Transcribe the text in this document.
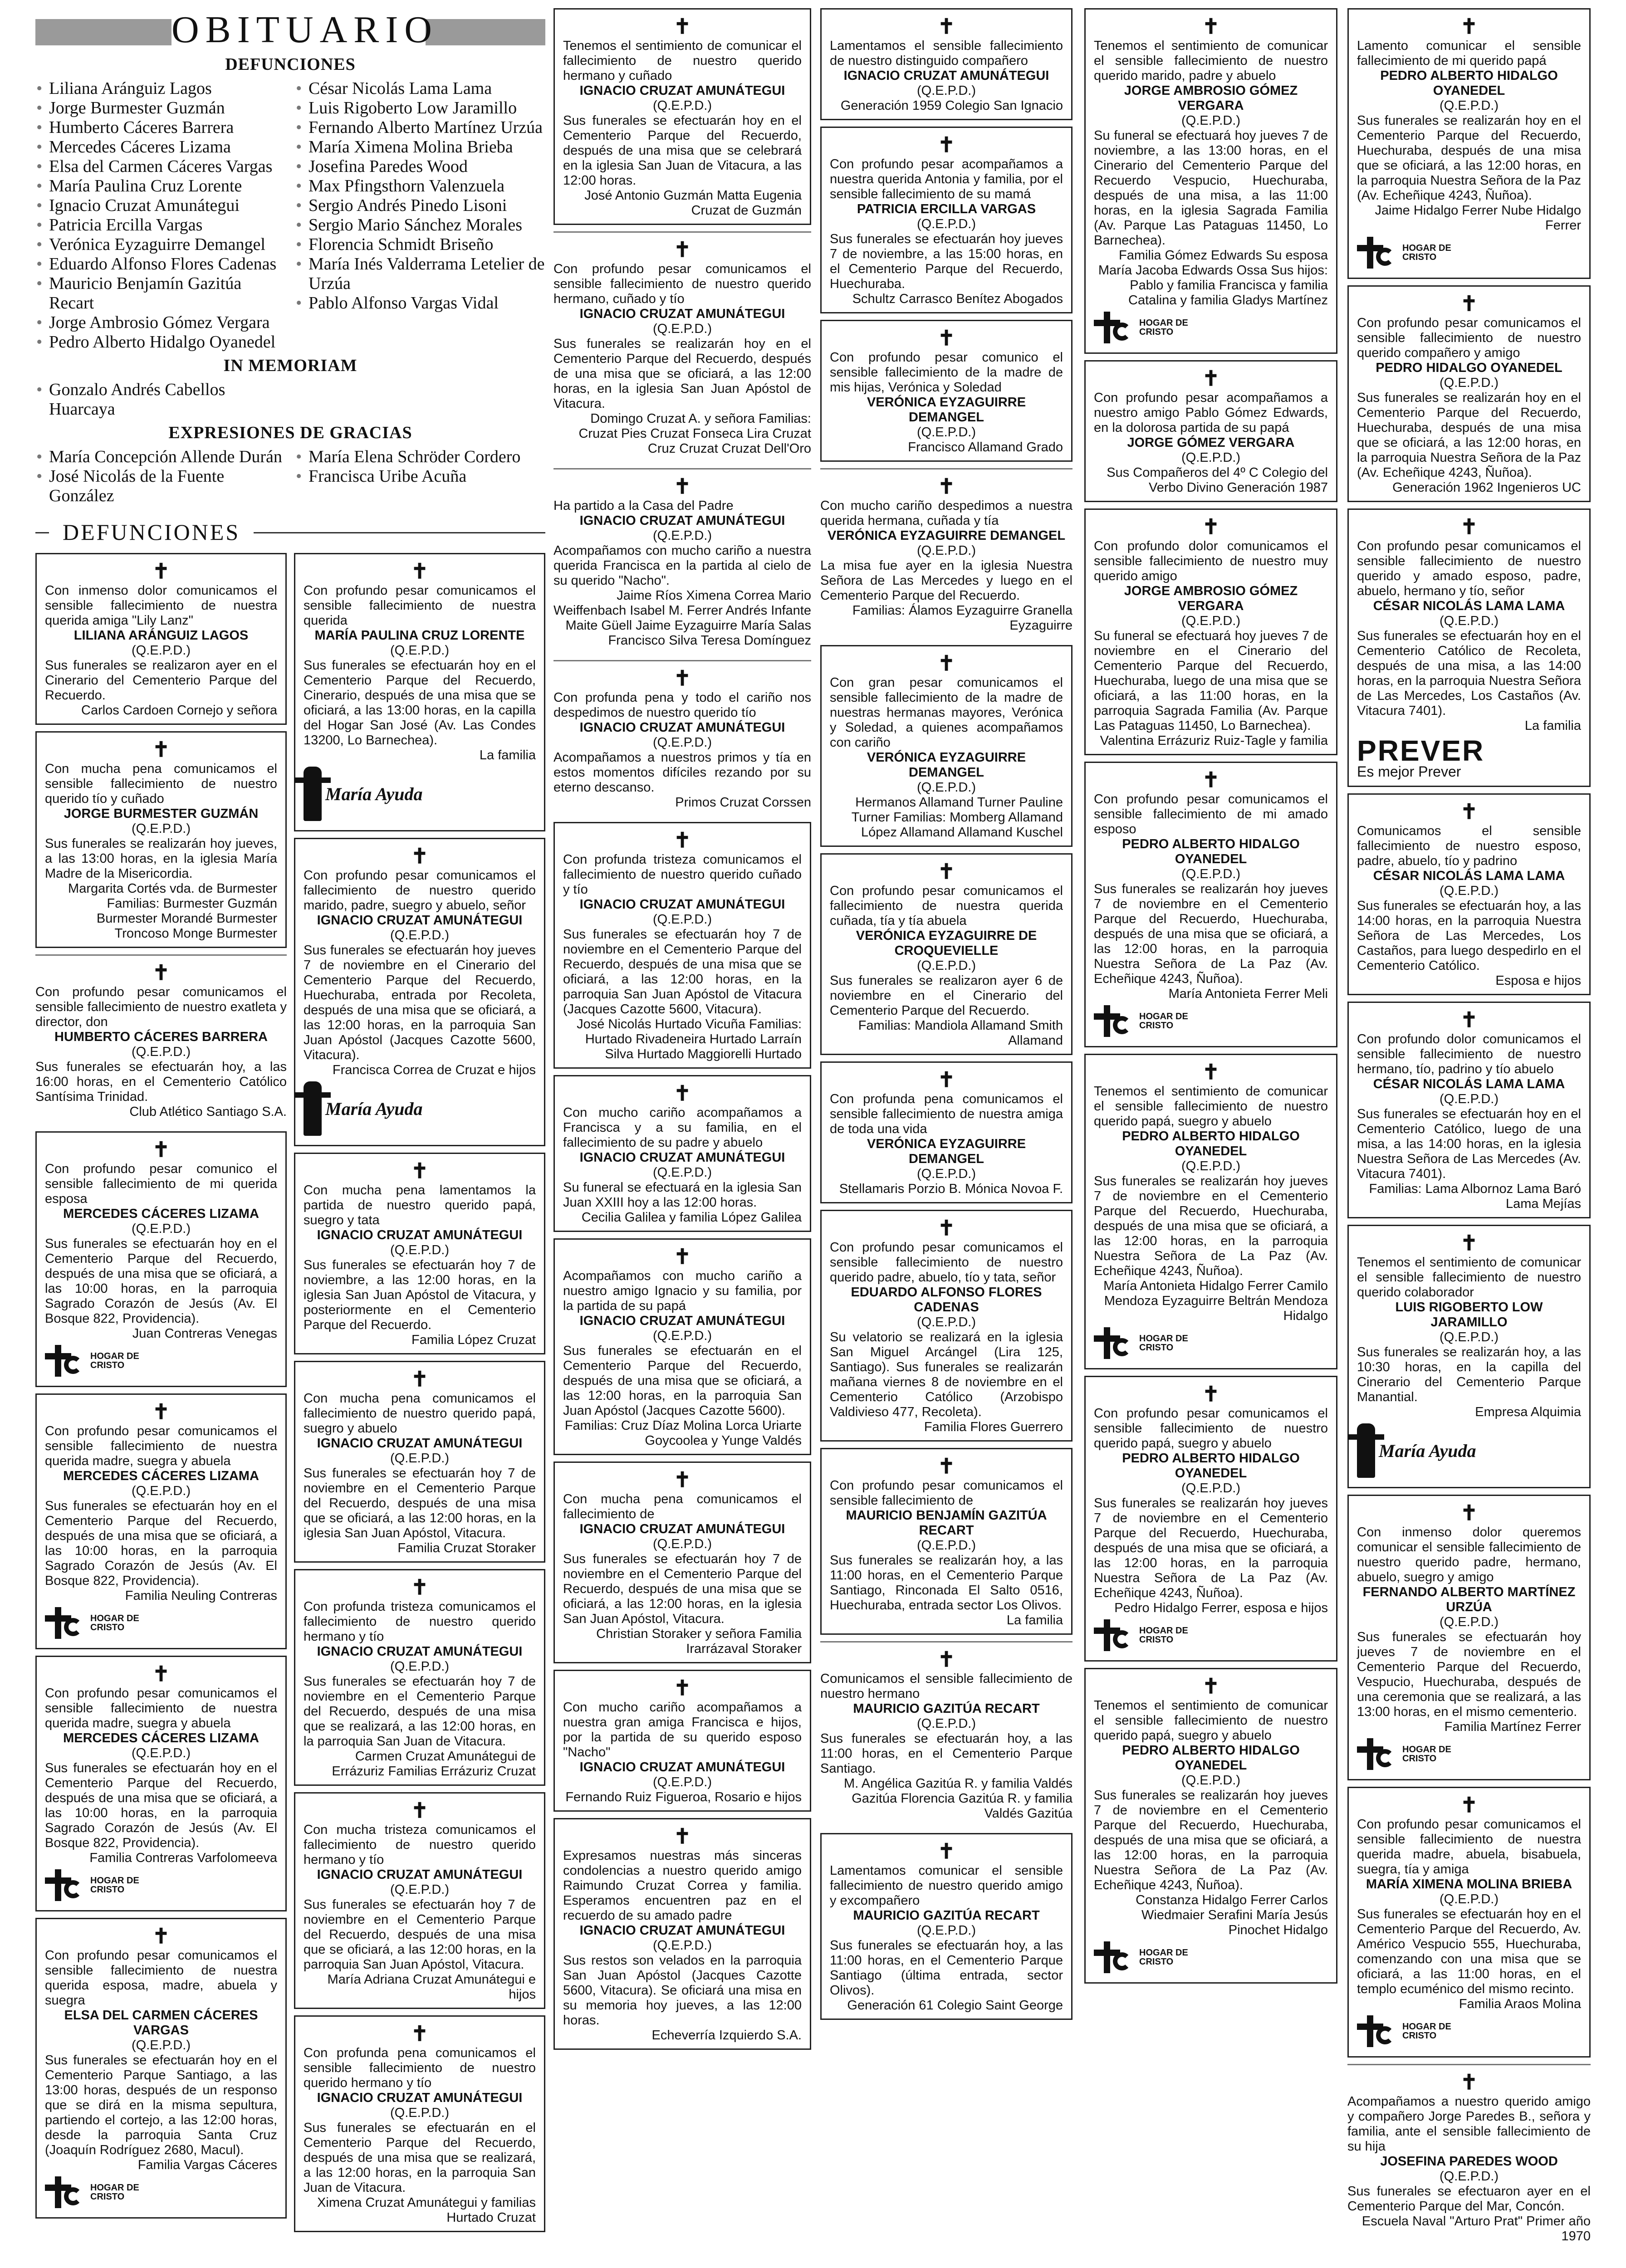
OBITUARIO
DEFUNCIONES
• Liliana Aránguiz Lagos
• Jorge Burmester Guzmán
• Humberto Cáceres Barrera
• Mercedes Cáceres Lizama
• Elsa del Carmen Cáceres Vargas
• María Paulina Cruz Lorente
• Ignacio Cruzat Amunátegui
• Patricia Ercilla Vargas
• Verónica Eyzaguirre Demangel
• Eduardo Alfonso Flores Cadenas
• Mauricio Benjamín Gazitúa Recart
• Jorge Ambrosio Gómez Vergara
• Pedro Alberto Hidalgo Oyanedel
• César Nicolás Lama Lama
• Luis Rigoberto Low Jaramillo
• Fernando Alberto Martínez Urzúa
• María Ximena Molina Brieba
• Josefina Paredes Wood
• Max Pfingsthorn Valenzuela
• Sergio Andrés Pinedo Lisoni
• Sergio Mario Sánchez Morales
• Florencia Schmidt Briseño
• María Inés Valderrama Letelier de Urzúa
• Pablo Alfonso Vargas Vidal
IN MEMORIAM
• Gonzalo Andrés Cabellos Huarcaya
EXPRESIONES DE GRACIAS
• María Concepción Allende Durán
• José Nicolás de la Fuente González
• María Elena Schröder Cordero
• Francisca Uribe Acuña
DEFUNCIONES
✝
Con inmenso dolor comunicamos el sensible fallecimiento de nuestra querida amiga "Lily Lanz"
LILIANA ARÁNGUIZ LAGOS
(Q.E.P.D.)
Sus funerales se realizaron ayer en el Cinerario del Cementerio Parque del Recuerdo.
Carlos Cardoen Cornejo y señora
✝
Con mucha pena comunicamos el sensible fallecimiento de nuestro querido tío y cuñado
JORGE BURMESTER GUZMÁN
(Q.E.P.D.)
Sus funerales se realizarán hoy jueves, a las 13:00 horas, en la iglesia María Madre de la Misericordia.
Margarita Cortés vda. de Burmester Familias: Burmester Guzmán Burmester Morandé Burmester Troncoso Monge Burmester
✝
Con profundo pesar comunicamos el sensible fallecimiento de nuestro exatleta y director, don
HUMBERTO CÁCERES BARRERA
(Q.E.P.D.)
Sus funerales se efectuarán hoy, a las 16:00 horas, en el Cementerio Católico Santísima Trinidad.
Club Atlético Santiago S.A.
✝
Con profundo pesar comunico el sensible fallecimiento de mi querida esposa
MERCEDES CÁCERES LIZAMA
(Q.E.P.D.)
Sus funerales se efectuarán hoy en el Cementerio Parque del Recuerdo, después de una misa que se oficiará, a las 10:00 horas, en la parroquia Sagrado Corazón de Jesús (Av. El Bosque 822, Providencia).
Juan Contreras Venegas
HOGAR DE CRISTO
✝
Con profundo pesar comunicamos el sensible fallecimiento de nuestra querida madre, suegra y abuela
MERCEDES CÁCERES LIZAMA
(Q.E.P.D.)
Sus funerales se efectuarán hoy en el Cementerio Parque del Recuerdo, después de una misa que se oficiará, a las 10:00 horas, en la parroquia Sagrado Corazón de Jesús (Av. El Bosque 822, Providencia).
Familia Neuling Contreras
HOGAR DE CRISTO
✝
Con profundo pesar comunicamos el sensible fallecimiento de nuestra querida madre, suegra y abuela
MERCEDES CÁCERES LIZAMA
(Q.E.P.D.)
Sus funerales se efectuarán hoy en el Cementerio Parque del Recuerdo, después de una misa que se oficiará, a las 10:00 horas, en la parroquia Sagrado Corazón de Jesús (Av. El Bosque 822, Providencia).
Familia Contreras Varfolomeeva
HOGAR DE CRISTO
✝
Con profundo pesar comunicamos el sensible fallecimiento de nuestra querida esposa, madre, abuela y suegra
ELSA DEL CARMEN CÁCERES VARGAS
(Q.E.P.D.)
Sus funerales se efectuarán hoy en el Cementerio Parque Santiago, a las 13:00 horas, después de un responso que se dirá en la misma sepultura, partiendo el cortejo, a las 12:00 horas, desde la parroquia Santa Cruz (Joaquín Rodríguez 2680, Macul).
Familia Vargas Cáceres
HOGAR DE CRISTO
✝
Con profundo pesar comunicamos el sensible fallecimiento de nuestra querida
MARÍA PAULINA CRUZ LORENTE
(Q.E.P.D.)
Sus funerales se efectuarán hoy en el Cementerio Parque del Recuerdo, Cinerario, después de una misa que se oficiará, a las 13:00 horas, en la capilla del Hogar San José (Av. Las Condes 13200, Lo Barnechea).
La familia
María Ayuda
✝
Con profundo pesar comunicamos el fallecimiento de nuestro querido marido, padre, suegro y abuelo, señor
IGNACIO CRUZAT AMUNÁTEGUI
(Q.E.P.D.)
Sus funerales se efectuarán hoy jueves 7 de noviembre en el Cinerario del Cementerio Parque del Recuerdo, Huechuraba, entrada por Recoleta, después de una misa que se oficiará, a las 12:00 horas, en la parroquia San Juan Apóstol (Jacques Cazotte 5600, Vitacura).
Francisca Correa de Cruzat e hijos
María Ayuda
✝
Con mucha pena lamentamos la partida de nuestro querido papá, suegro y tata
IGNACIO CRUZAT AMUNÁTEGUI
(Q.E.P.D.)
Sus funerales se efectuarán hoy 7 de noviembre, a las 12:00 horas, en la iglesia San Juan Apóstol de Vitacura, y posteriormente en el Cementerio Parque del Recuerdo.
Familia López Cruzat
✝
Con mucha pena comunicamos el fallecimiento de nuestro querido papá, suegro y abuelo
IGNACIO CRUZAT AMUNÁTEGUI
(Q.E.P.D.)
Sus funerales se efectuarán hoy 7 de noviembre en el Cementerio Parque del Recuerdo, después de una misa que se oficiará, a las 12:00 horas, en la iglesia San Juan Apóstol, Vitacura.
Familia Cruzat Storaker
✝
Con profunda tristeza comunicamos el fallecimiento de nuestro querido hermano y tío
IGNACIO CRUZAT AMUNÁTEGUI
(Q.E.P.D.)
Sus funerales se efectuarán hoy 7 de noviembre en el Cementerio Parque del Recuerdo, después de una misa que se realizará, a las 12:00 horas, en la parroquia San Juan de Vitacura.
Carmen Cruzat Amunátegui de Errázuriz Familias Errázuriz Cruzat
✝
Con mucha tristeza comunicamos el fallecimiento de nuestro querido hermano y tío
IGNACIO CRUZAT AMUNÁTEGUI
(Q.E.P.D.)
Sus funerales se efectuarán hoy 7 de noviembre en el Cementerio Parque del Recuerdo, después de una misa que se oficiará, a las 12:00 horas, en la parroquia San Juan Apóstol, Vitacura.
María Adriana Cruzat Amunátegui e hijos
✝
Con profunda pena comunicamos el sensible fallecimiento de nuestro querido hermano y tío
IGNACIO CRUZAT AMUNÁTEGUI
(Q.E.P.D.)
Sus funerales se efectuarán en el Cementerio Parque del Recuerdo, después de una misa que se realizará, a las 12:00 horas, en la parroquia San Juan de Vitacura.
Ximena Cruzat Amunátegui y familias Hurtado Cruzat
✝
Tenemos el sentimiento de comunicar el fallecimiento de nuestro querido hermano y cuñado
IGNACIO CRUZAT AMUNÁTEGUI
(Q.E.P.D.)
Sus funerales se efectuarán hoy en el Cementerio Parque del Recuerdo, después de una misa que se celebrará en la iglesia San Juan de Vitacura, a las 12:00 horas.
José Antonio Guzmán Matta Eugenia Cruzat de Guzmán
✝
Con profundo pesar comunicamos el sensible fallecimiento de nuestro querido hermano, cuñado y tío
IGNACIO CRUZAT AMUNÁTEGUI
(Q.E.P.D.)
Sus funerales se realizarán hoy en el Cementerio Parque del Recuerdo, después de una misa que se oficiará, a las 12:00 horas, en la iglesia San Juan Apóstol de Vitacura.
Domingo Cruzat A. y señora Familias: Cruzat Pies Cruzat Fonseca Lira Cruzat Cruz Cruzat Cruzat Dell'Oro
✝
Ha partido a la Casa del Padre
IGNACIO CRUZAT AMUNÁTEGUI
(Q.E.P.D.)
Acompañamos con mucho cariño a nuestra querida Francisca en la partida al cielo de su querido "Nacho".
Jaime Ríos Ximena Correa Mario Weiffenbach Isabel M. Ferrer Andrés Infante Maite Güell Jaime Eyzaguirre María Salas Francisco Silva Teresa Domínguez
✝
Con profunda pena y todo el cariño nos despedimos de nuestro querido tío
IGNACIO CRUZAT AMUNÁTEGUI
(Q.E.P.D.)
Acompañamos a nuestros primos y tía en estos momentos difíciles rezando por su eterno descanso.
Primos Cruzat Corssen
✝
Con profunda tristeza comunicamos el fallecimiento de nuestro querido cuñado y tío
IGNACIO CRUZAT AMUNÁTEGUI
(Q.E.P.D.)
Sus funerales se efectuarán hoy 7 de noviembre en el Cementerio Parque del Recuerdo, después de una misa que se oficiará, a las 12:00 horas, en la parroquia San Juan Apóstol de Vitacura (Jacques Cazotte 5600, Vitacura).
José Nicolás Hurtado Vicuña Familias: Hurtado Rivadeneira Hurtado Larraín Silva Hurtado Maggiorelli Hurtado
✝
Con mucho cariño acompañamos a Francisca y a su familia, en el fallecimiento de su padre y abuelo
IGNACIO CRUZAT AMUNÁTEGUI
(Q.E.P.D.)
Su funeral se efectuará en la iglesia San Juan XXIII hoy a las 12:00 horas.
Cecilia Galilea y familia López Galilea
✝
Acompañamos con mucho cariño a nuestro amigo Ignacio y su familia, por la partida de su papá
IGNACIO CRUZAT AMUNÁTEGUI
(Q.E.P.D.)
Sus funerales se efectuarán en el Cementerio Parque del Recuerdo, después de una misa que se oficiará, a las 12:00 horas, en la parroquia San Juan Apóstol (Jacques Cazotte 5600).
Familias: Cruz Díaz Molina Lorca Uriarte Goycoolea y Yunge Valdés
✝
Con mucha pena comunicamos el fallecimiento de
IGNACIO CRUZAT AMUNÁTEGUI
(Q.E.P.D.)
Sus funerales se efectuarán hoy 7 de noviembre en el Cementerio Parque del Recuerdo, después de una misa que se oficiará, a las 12:00 horas, en la iglesia San Juan Apóstol, Vitacura.
Christian Storaker y señora Familia Irarrázaval Storaker
✝
Con mucho cariño acompañamos a nuestra gran amiga Francisca e hijos, por la partida de su querido esposo "Nacho"
IGNACIO CRUZAT AMUNÁTEGUI
(Q.E.P.D.)
Fernando Ruiz Figueroa, Rosario e hijos
✝
Expresamos nuestras más sinceras condolencias a nuestro querido amigo Raimundo Cruzat Correa y familia. Esperamos encuentren paz en el recuerdo de su amado padre
IGNACIO CRUZAT AMUNÁTEGUI
(Q.E.P.D.)
Sus restos son velados en la parroquia San Juan Apóstol (Jacques Cazotte 5600, Vitacura). Se oficiará una misa en su memoria hoy jueves, a las 12:00 horas.
Echeverría Izquierdo S.A.
✝
Lamentamos el sensible fallecimiento de nuestro distinguido compañero
IGNACIO CRUZAT AMUNÁTEGUI
(Q.E.P.D.)
Generación 1959 Colegio San Ignacio
✝
Con profundo pesar acompañamos a nuestra querida Antonia y familia, por el sensible fallecimiento de su mamá
PATRICIA ERCILLA VARGAS
(Q.E.P.D.)
Sus funerales se efectuarán hoy jueves 7 de noviembre, a las 15:00 horas, en el Cementerio Parque del Recuerdo, Huechuraba.
Schultz Carrasco Benítez Abogados
✝
Con profundo pesar comunico el sensible fallecimiento de la madre de mis hijas, Verónica y Soledad
VERÓNICA EYZAGUIRRE DEMANGEL
(Q.E.P.D.)
Francisco Allamand Grado
✝
Con mucho cariño despedimos a nuestra querida hermana, cuñada y tía
VERÓNICA EYZAGUIRRE DEMANGEL
(Q.E.P.D.)
La misa fue ayer en la iglesia Nuestra Señora de Las Mercedes y luego en el Cementerio Parque del Recuerdo.
Familias: Álamos Eyzaguirre Granella Eyzaguirre
✝
Con gran pesar comunicamos el sensible fallecimiento de la madre de nuestras hermanas mayores, Verónica y Soledad, a quienes acompañamos con cariño
VERÓNICA EYZAGUIRRE DEMANGEL
(Q.E.P.D.)
Hermanos Allamand Turner Pauline Turner Familias: Momberg Allamand López Allamand Allamand Kuschel
✝
Con profundo pesar comunicamos el fallecimiento de nuestra querida cuñada, tía y tía abuela
VERÓNICA EYZAGUIRRE DE CROQUEVIELLE
(Q.E.P.D.)
Sus funerales se realizaron ayer 6 de noviembre en el Cinerario del Cementerio Parque del Recuerdo.
Familias: Mandiola Allamand Smith Allamand
✝
Con profunda pena comunicamos el sensible fallecimiento de nuestra amiga de toda una vida
VERÓNICA EYZAGUIRRE DEMANGEL
(Q.E.P.D.)
Stellamaris Porzio B. Mónica Novoa F.
✝
Con profundo pesar comunicamos el sensible fallecimiento de nuestro querido padre, abuelo, tío y tata, señor
EDUARDO ALFONSO FLORES CADENAS
(Q.E.P.D.)
Su velatorio se realizará en la iglesia San Miguel Arcángel (Lira 125, Santiago). Sus funerales se realizarán mañana viernes 8 de noviembre en el Cementerio Católico (Arzobispo Valdivieso 477, Recoleta).
Familia Flores Guerrero
✝
Con profundo pesar comunicamos el sensible fallecimiento de
MAURICIO BENJAMÍN GAZITÚA RECART
(Q.E.P.D.)
Sus funerales se realizarán hoy, a las 11:00 horas, en el Cementerio Parque Santiago, Rinconada El Salto 0516, Huechuraba, entrada sector Los Olivos.
La familia
✝
Comunicamos el sensible fallecimiento de nuestro hermano
MAURICIO GAZITÚA RECART
(Q.E.P.D.)
Sus funerales se efectuarán hoy, a las 11:00 horas, en el Cementerio Parque Santiago.
M. Angélica Gazitúa R. y familia Valdés Gazitúa Florencia Gazitúa R. y familia Valdés Gazitúa
✝
Lamentamos comunicar el sensible fallecimiento de nuestro querido amigo y excompañero
MAURICIO GAZITÚA RECART
(Q.E.P.D.)
Sus funerales se efectuarán hoy, a las 11:00 horas, en el Cementerio Parque Santiago (última entrada, sector Olivos).
Generación 61 Colegio Saint George
✝
Tenemos el sentimiento de comunicar el sensible fallecimiento de nuestro querido marido, padre y abuelo
JORGE AMBROSIO GÓMEZ VERGARA
(Q.E.P.D.)
Su funeral se efectuará hoy jueves 7 de noviembre, a las 13:00 horas, en el Cinerario del Cementerio Parque del Recuerdo Vespucio, Huechuraba, después de una misa, a las 11:00 horas, en la iglesia Sagrada Familia (Av. Parque Las Pataguas 11450, Lo Barnechea).
Familia Gómez Edwards Su esposa María Jacoba Edwards Ossa Sus hijos: Pablo y familia Francisca y familia Catalina y familia Gladys Martínez
HOGAR DE CRISTO
✝
Con profundo pesar acompañamos a nuestro amigo Pablo Gómez Edwards, en la dolorosa partida de su papá
JORGE GÓMEZ VERGARA
(Q.E.P.D.)
Sus Compañeros del 4º C Colegio del Verbo Divino Generación 1987
✝
Con profundo dolor comunicamos el sensible fallecimiento de nuestro muy querido amigo
JORGE AMBROSIO GÓMEZ VERGARA
(Q.E.P.D.)
Su funeral se efectuará hoy jueves 7 de noviembre en el Cinerario del Cementerio Parque del Recuerdo, Huechuraba, luego de una misa que se oficiará, a las 11:00 horas, en la parroquia Sagrada Familia (Av. Parque Las Pataguas 11450, Lo Barnechea).
Valentina Errázuriz Ruiz-Tagle y familia
✝
Con profundo pesar comunicamos el sensible fallecimiento de mi amado esposo
PEDRO ALBERTO HIDALGO OYANEDEL
(Q.E.P.D.)
Sus funerales se realizarán hoy jueves 7 de noviembre en el Cementerio Parque del Recuerdo, Huechuraba, después de una misa que se oficiará, a las 12:00 horas, en la parroquia Nuestra Señora de La Paz (Av. Echeñique 4243, Ñuñoa).
María Antonieta Ferrer Meli
HOGAR DE CRISTO
✝
Tenemos el sentimiento de comunicar el sensible fallecimiento de nuestro querido papá, suegro y abuelo
PEDRO ALBERTO HIDALGO OYANEDEL
(Q.E.P.D.)
Sus funerales se realizarán hoy jueves 7 de noviembre en el Cementerio Parque del Recuerdo, Huechuraba, después de una misa que se oficiará, a las 12:00 horas, en la parroquia Nuestra Señora de La Paz (Av. Echeñique 4243, Ñuñoa).
María Antonieta Hidalgo Ferrer Camilo Mendoza Eyzaguirre Beltrán Mendoza Hidalgo
HOGAR DE CRISTO
✝
Con profundo pesar comunicamos el sensible fallecimiento de nuestro querido papá, suegro y abuelo
PEDRO ALBERTO HIDALGO OYANEDEL
(Q.E.P.D.)
Sus funerales se realizarán hoy jueves 7 de noviembre en el Cementerio Parque del Recuerdo, Huechuraba, después de una misa que se oficiará, a las 12:00 horas, en la parroquia Nuestra Señora de La Paz (Av. Echeñique 4243, Ñuñoa).
Pedro Hidalgo Ferrer, esposa e hijos
HOGAR DE CRISTO
✝
Tenemos el sentimiento de comunicar el sensible fallecimiento de nuestro querido papá, suegro y abuelo
PEDRO ALBERTO HIDALGO OYANEDEL
(Q.E.P.D.)
Sus funerales se realizarán hoy jueves 7 de noviembre en el Cementerio Parque del Recuerdo, Huechuraba, después de una misa que se oficiará, a las 12:00 horas, en la parroquia Nuestra Señora de La Paz (Av. Echeñique 4243, Ñuñoa).
Constanza Hidalgo Ferrer Carlos Wiedmaier Serafini María Jesús Pinochet Hidalgo
HOGAR DE CRISTO
✝
Lamento comunicar el sensible fallecimiento de mi querido papá
PEDRO ALBERTO HIDALGO OYANEDEL
(Q.E.P.D.)
Sus funerales se realizarán hoy en el Cementerio Parque del Recuerdo, Huechuraba, después de una misa que se oficiará, a las 12:00 horas, en la parroquia Nuestra Señora de la Paz (Av. Echeñique 4243, Ñuñoa).
Jaime Hidalgo Ferrer Nube Hidalgo Ferrer
HOGAR DE CRISTO
✝
Con profundo pesar comunicamos el sensible fallecimiento de nuestro querido compañero y amigo
PEDRO HIDALGO OYANEDEL
(Q.E.P.D.)
Sus funerales se realizarán hoy en el Cementerio Parque del Recuerdo, Huechuraba, después de una misa que se oficiará, a las 12:00 horas, en la parroquia Nuestra Señora de la Paz (Av. Echeñique 4243, Ñuñoa).
Generación 1962 Ingenieros UC
✝
Con profundo pesar comunicamos el sensible fallecimiento de nuestro querido y amado esposo, padre, abuelo, hermano y tío, señor
CÉSAR NICOLÁS LAMA LAMA
(Q.E.P.D.)
Sus funerales se efectuarán hoy en el Cementerio Católico de Recoleta, después de una misa, a las 14:00 horas, en la parroquia Nuestra Señora de Las Mercedes, Los Castaños (Av. Vitacura 7401).
La familia
PREVER
Es mejor Prever
✝
Comunicamos el sensible fallecimiento de nuestro esposo, padre, abuelo, tío y padrino
CÉSAR NICOLÁS LAMA LAMA
(Q.E.P.D.)
Sus funerales se efectuarán hoy, a las 14:00 horas, en la parroquia Nuestra Señora de Las Mercedes, Los Castaños, para luego despedirlo en el Cementerio Católico.
Esposa e hijos
✝
Con profundo dolor comunicamos el sensible fallecimiento de nuestro hermano, tío, padrino y tío abuelo
CÉSAR NICOLÁS LAMA LAMA
(Q.E.P.D.)
Sus funerales se efectuarán hoy en el Cementerio Católico, luego de una misa, a las 14:00 horas, en la iglesia Nuestra Señora de Las Mercedes (Av. Vitacura 7401).
Familias: Lama Albornoz Lama Baró Lama Mejías
✝
Tenemos el sentimiento de comunicar el sensible fallecimiento de nuestro querido colaborador
LUIS RIGOBERTO LOW JARAMILLO
(Q.E.P.D.)
Sus funerales se realizarán hoy, a las 10:30 horas, en la capilla del Cinerario del Cementerio Parque Manantial.
Empresa Alquimia
María Ayuda
✝
Con inmenso dolor queremos comunicar el sensible fallecimiento de nuestro querido padre, hermano, abuelo, suegro y amigo
FERNANDO ALBERTO MARTÍNEZ URZÚA
(Q.E.P.D.)
Sus funerales se efectuarán hoy jueves 7 de noviembre en el Cementerio Parque del Recuerdo, Vespucio, Huechuraba, después de una ceremonia que se realizará, a las 13:00 horas, en el mismo cementerio.
Familia Martínez Ferrer
HOGAR DE CRISTO
✝
Con profundo pesar comunicamos el sensible fallecimiento de nuestra querida madre, abuela, bisabuela, suegra, tía y amiga
MARÍA XIMENA MOLINA BRIEBA
(Q.E.P.D.)
Sus funerales se efectuarán hoy en el Cementerio Parque del Recuerdo, Av. Américo Vespucio 555, Huechuraba, comenzando con una misa que se oficiará, a las 11:00 horas, en el templo ecuménico del mismo recinto.
Familia Araos Molina
HOGAR DE CRISTO
✝
Acompañamos a nuestro querido amigo y compañero Jorge Paredes B., señora y familia, ante el sensible fallecimiento de su hija
JOSEFINA PAREDES WOOD
(Q.E.P.D.)
Sus funerales se efectuaron ayer en el Cementerio Parque del Mar, Concón.
Escuela Naval "Arturo Prat" Primer año 1970
